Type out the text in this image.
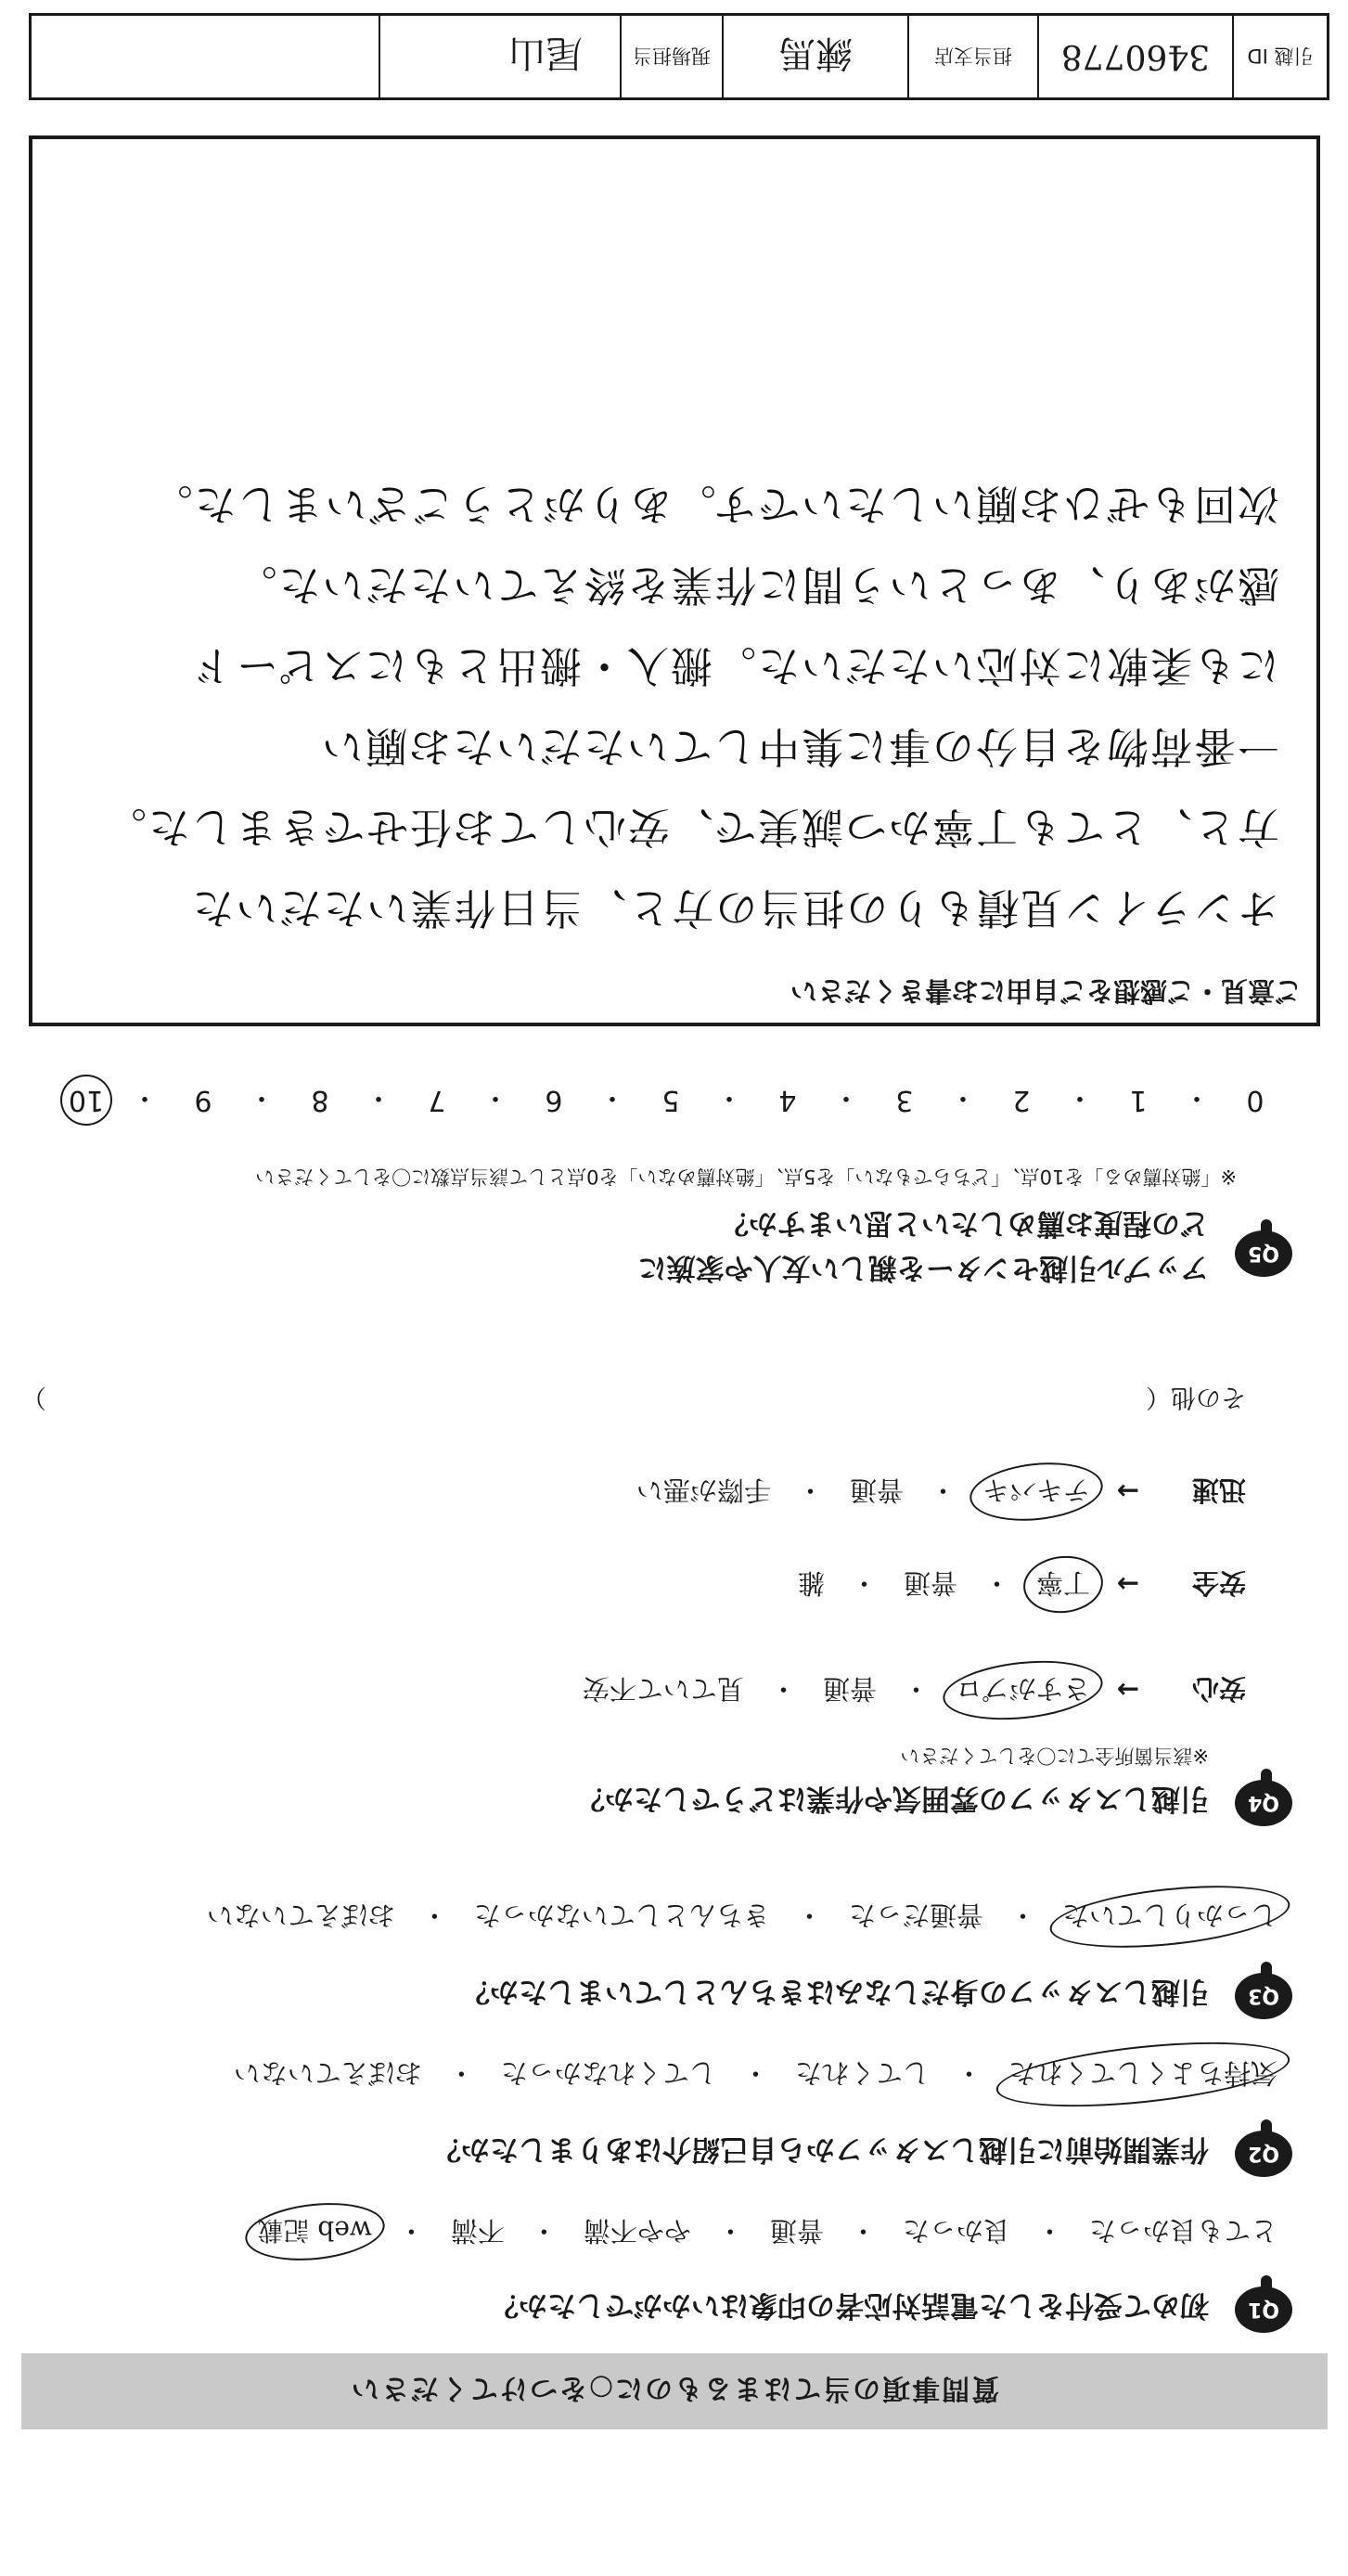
質問事項の当てはまるものに○をつけてください
Q1
初めて受付をした電話対応者の印象はいかがでしたか？
とても良かった
・
良かった
・
普通
・
やや不満
・
不満
・
web 記載
Q2
作業開始前に引越しスタッフから自己紹介はありましたか？
気持ちよくしてくれた
・
してくれた
・
してくれなかった
・
おぼえていない
Q3
引越しスタッフの身だしなみはきちんとしていましたか？
しっかりしていた
・
普通だった
・
きちんとしていなかった
・
おぼえていない
Q4
引越しスタッフの雰囲気や作業はどうでしたか？
※該当箇所全てに〇をしてください
安心
→
さすがプロ
・
普通
・
見ていて不安
安全
→
丁寧
・
普通
・
雑
迅速
→
テキパキ
・
普通
・
手際が悪い
その他（
）
Q5
アップル引越センターを親しい友人や家族に
どの程度お薦めしたいと思いますか？
※「絶対薦める」を10点、「どちらでもない」を5点、「絶対薦めない」を0点として該当点数に〇をしてください
0
・
1
・
2
・
3
・
4
・
5
・
6
・
7
・
8
・
9
・
10
ご意見・ご感想をご自由にお書きください
オンライン見積もりの担当の方と、当日作業いただいた
方と、とても丁寧かつ誠実で、安心してお任せできました。
一番荷物を自分の事に集中していただいたお願い
にも柔軟に対応いただいた。搬入・搬出ともにスピード
感があり、あっという間に作業を終えていただいた。
次回もぜひお願いしたいです。ありがとうございました。
引越 ID
3460778
担当支店
練馬
現場担当
尾山
